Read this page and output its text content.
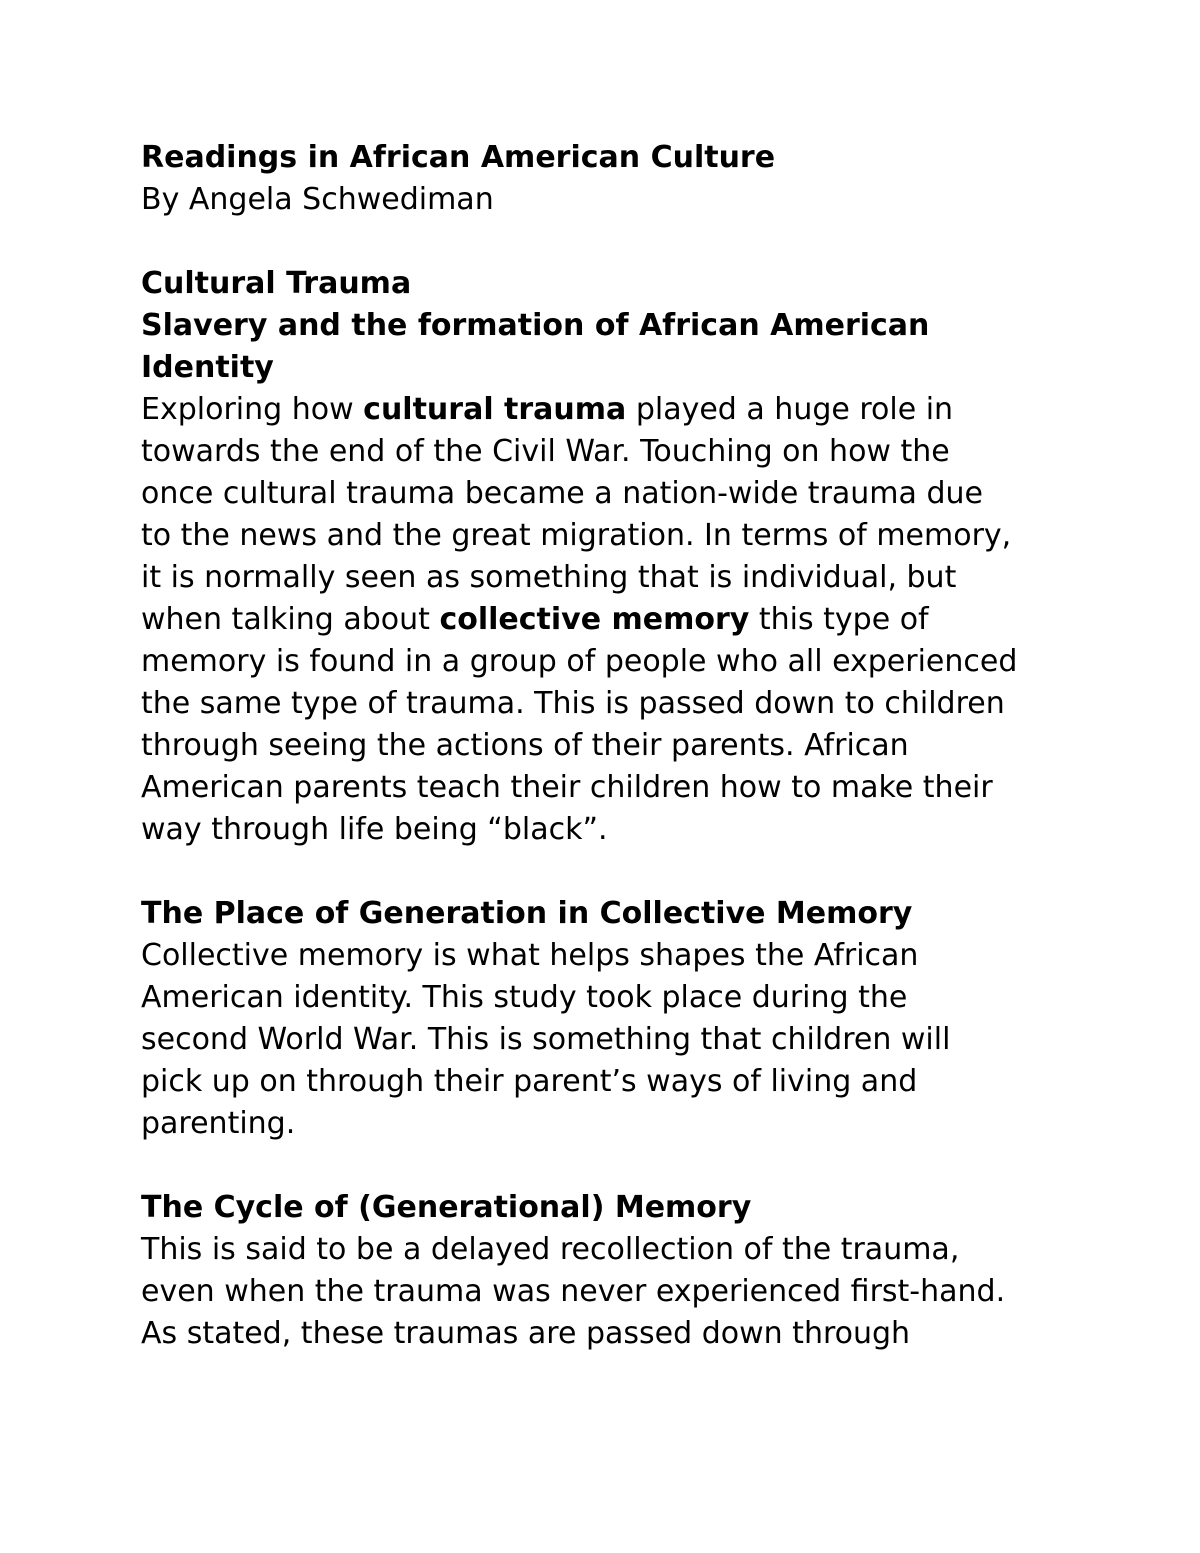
Readings in African American Culture
By Angela Schwediman
Cultural Trauma
Slavery and the formation of African American
Identity
Exploring how cultural trauma played a huge role in
towards the end of the Civil War. Touching on how the
once cultural trauma became a nation-wide trauma due
to the news and the great migration. In terms of memory,
it is normally seen as something that is individual, but
when talking about collective memory this type of
memory is found in a group of people who all experienced
the same type of trauma. This is passed down to children
through seeing the actions of their parents. African
American parents teach their children how to make their
way through life being “black”.
The Place of Generation in Collective Memory
Collective memory is what helps shapes the African
American identity. This study took place during the
second World War. This is something that children will
pick up on through their parent’s ways of living and
parenting.
The Cycle of (Generational) Memory
This is said to be a delayed recollection of the trauma,
even when the trauma was never experienced first-hand.
As stated, these traumas are passed down through
